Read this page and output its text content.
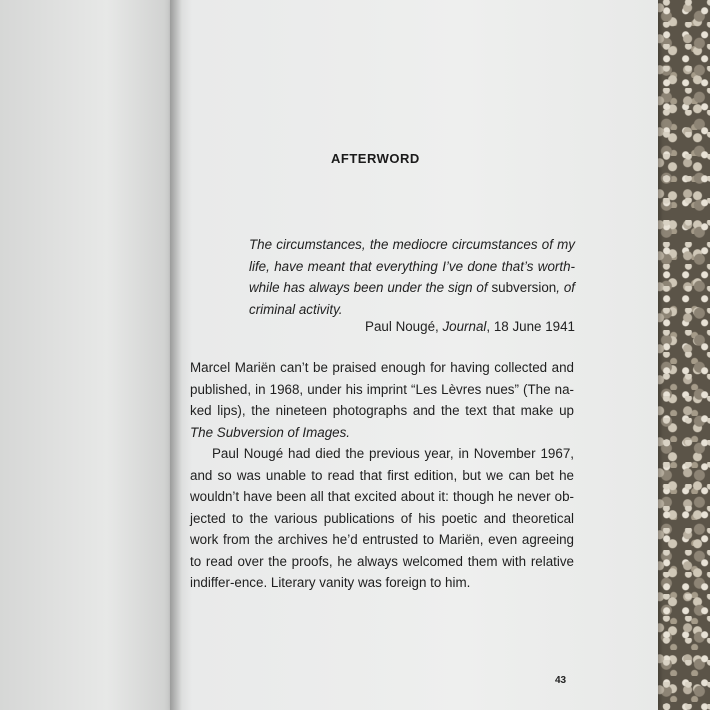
AFTERWORD
The circumstances, the mediocre circumstances of my life, have meant that everything I’ve done that’s worth-while has always been under the sign of subversion, of criminal activity.
Paul Nougé, Journal, 18 June 1941

Marcel Mariën can’t be praised enough for having collected and published, in 1968, under his imprint “Les Lèvres nues” (The na-ked lips), the nineteen photographs and the text that make up The Subversion of Images.

Paul Nougé had died the previous year, in November 1967, and so was unable to read that first edition, but we can bet he wouldn’t have been all that excited about it: though he never ob-jected to the various publications of his poetic and theoretical work from the archives he’d entrusted to Mariën, even agreeing to read over the proofs, he always welcomed them with relative indiffer-ence. Literary vanity was foreign to him.

43
